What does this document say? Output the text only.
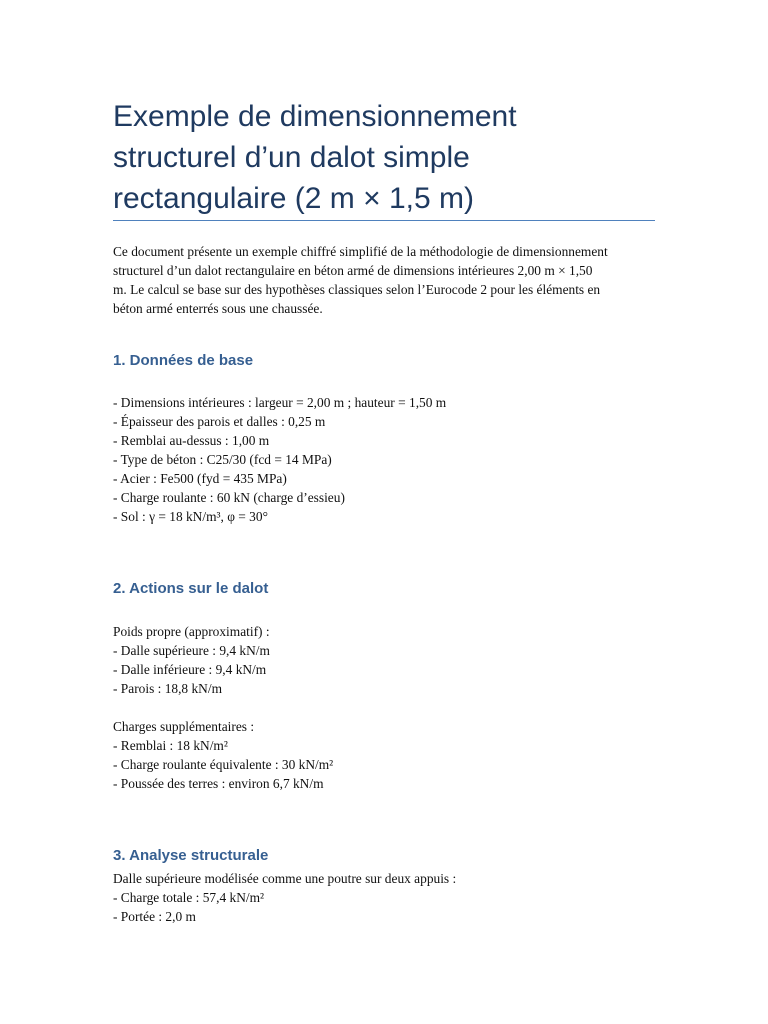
Exemple de dimensionnement
structurel d’un dalot simple
rectangulaire (2 m × 1,5 m)
Ce document présente un exemple chiffré simplifié de la méthodologie de dimensionnement
structurel d’un dalot rectangulaire en béton armé de dimensions intérieures 2,00 m × 1,50
m. Le calcul se base sur des hypothèses classiques selon l’Eurocode 2 pour les éléments en
béton armé enterrés sous une chaussée.
1. Données de base
- Dimensions intérieures : largeur = 2,00 m ; hauteur = 1,50 m
- Épaisseur des parois et dalles : 0,25 m
- Remblai au-dessus : 1,00 m
- Type de béton : C25/30 (fcd = 14 MPa)
- Acier : Fe500 (fyd = 435 MPa)
- Charge roulante : 60 kN (charge d’essieu)
- Sol : γ = 18 kN/m³, φ = 30°
2. Actions sur le dalot
Poids propre (approximatif) :
- Dalle supérieure : 9,4 kN/m
- Dalle inférieure : 9,4 kN/m
- Parois : 18,8 kN/m
Charges supplémentaires :
- Remblai : 18 kN/m²
- Charge roulante équivalente : 30 kN/m²
- Poussée des terres : environ 6,7 kN/m
3. Analyse structurale
Dalle supérieure modélisée comme une poutre sur deux appuis :
- Charge totale : 57,4 kN/m²
- Portée : 2,0 m
